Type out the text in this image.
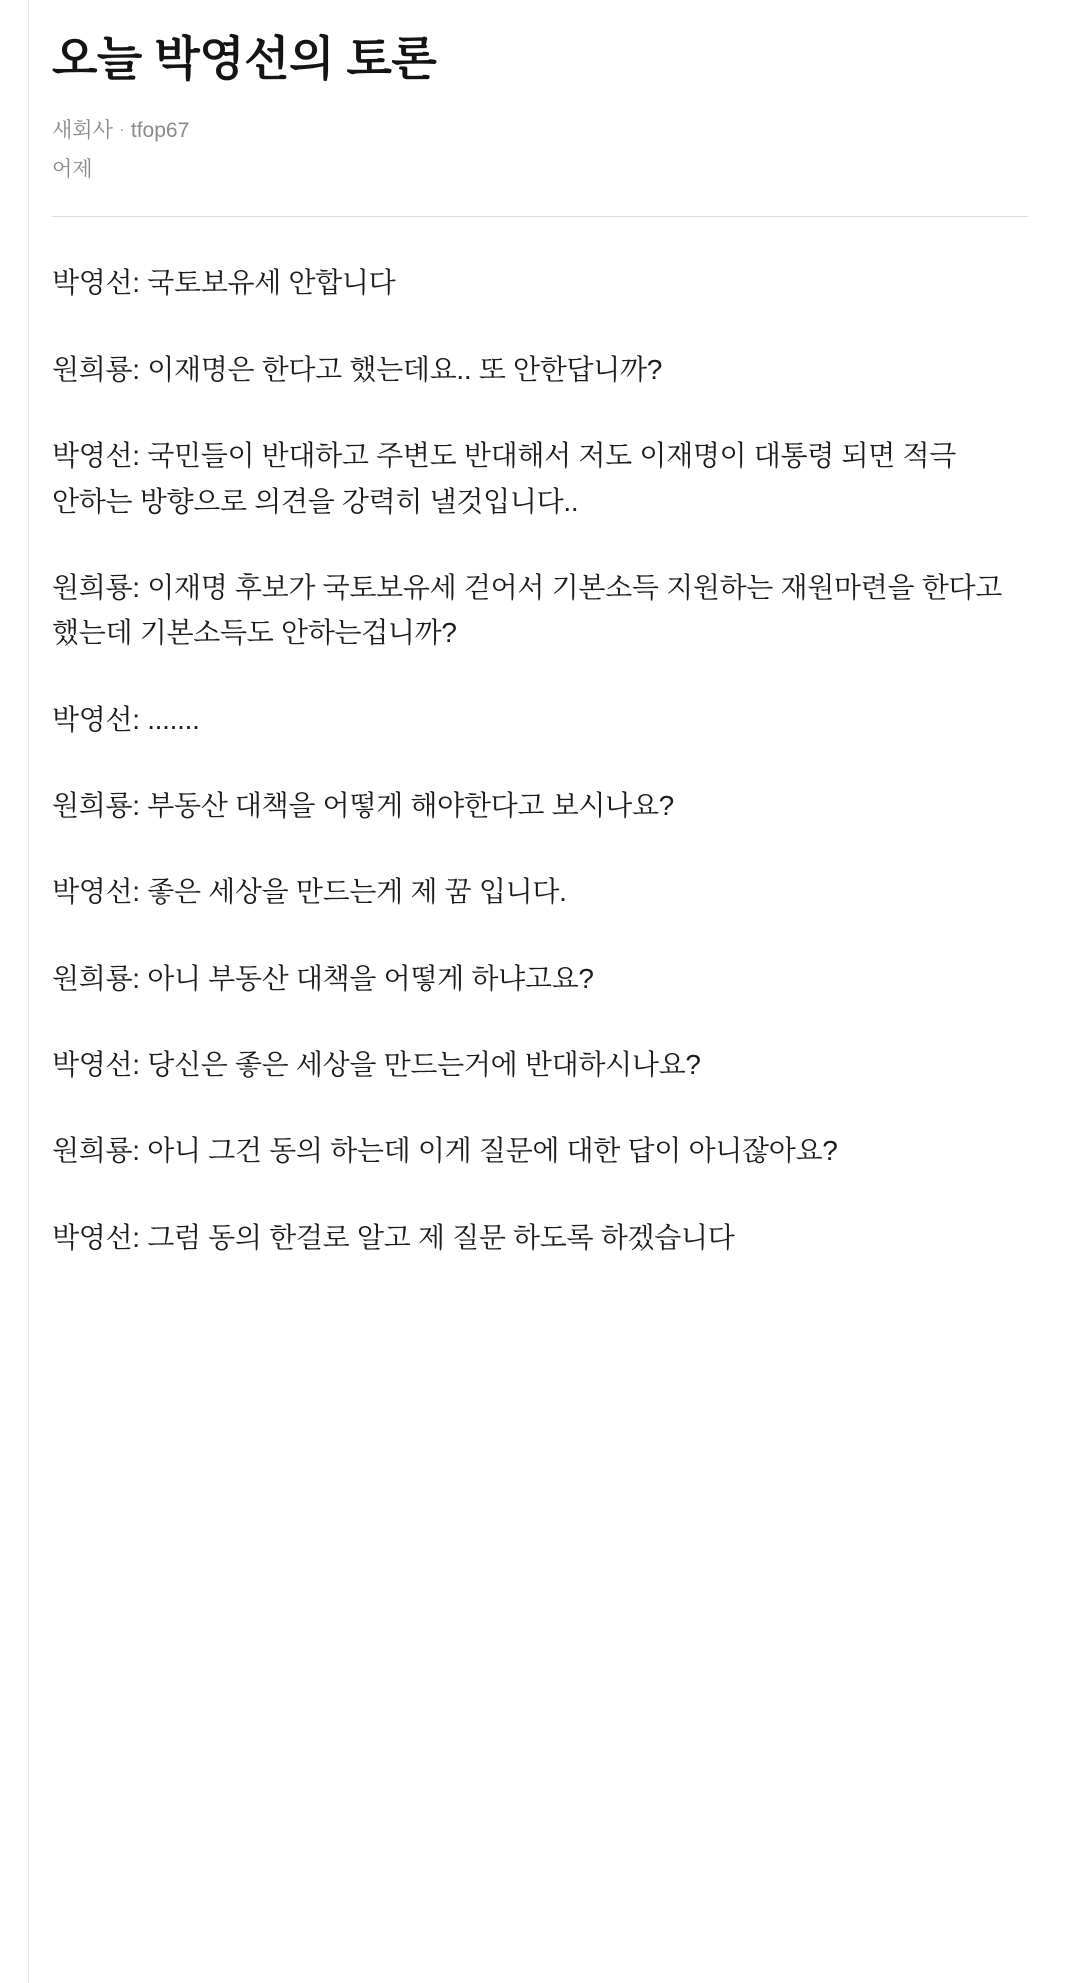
오늘 박영선의 토론
새회사 · tfop67
어제

박영선: 국토보유세 안합니다

원희룡: 이재명은 한다고 했는데요.. 또 안한답니까?

박영선: 국민들이 반대하고 주변도 반대해서 저도 이재명이 대통령 되면 적극 안하는 방향으로 의견을 강력히 낼것입니다..

원희룡: 이재명 후보가 국토보유세 걷어서 기본소득 지원하는 재원마련을 한다고 했는데 기본소득도 안하는겁니까?

박영선: .......

원희룡: 부동산 대책을 어떻게 해야한다고 보시나요?

박영선: 좋은 세상을 만드는게 제 꿈 입니다.

원희룡: 아니 부동산 대책을 어떻게 하냐고요?

박영선: 당신은 좋은 세상을 만드는거에 반대하시나요?

원희룡: 아니 그건 동의 하는데 이게 질문에 대한 답이 아니잖아요?

박영선: 그럼 동의 한걸로 알고 제 질문 하도록 하겠습니다
